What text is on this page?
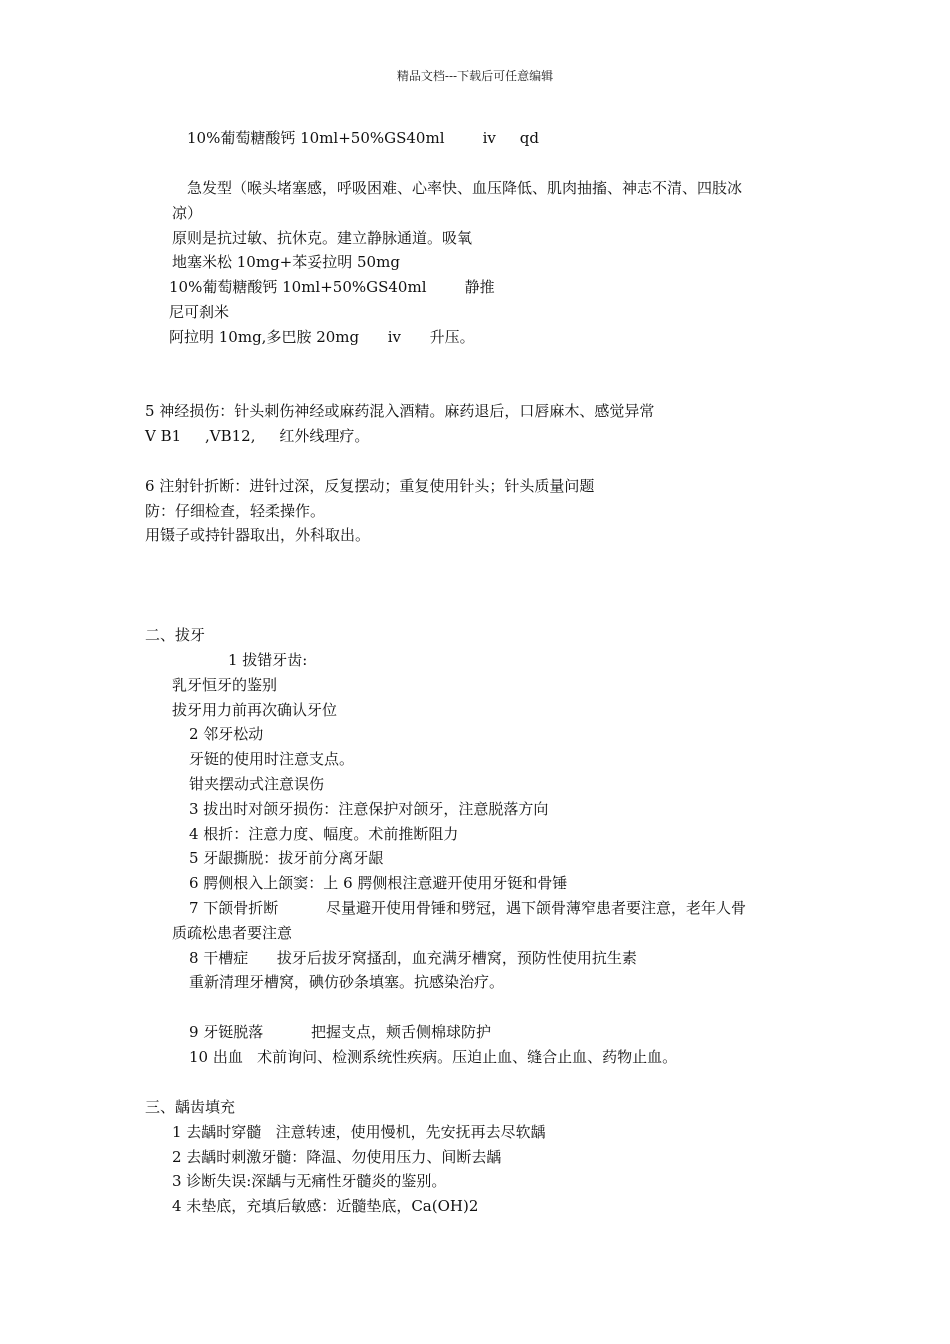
精品文档---下载后可任意编辑
10%葡萄糖酸钙 10ml+50%GS40ml        iv     qd
急发型（喉头堵塞感，呼吸困难、心率快、血压降低、肌肉抽搐、神志不清、四肢冰
凉）
原则是抗过敏、抗休克。建立静脉通道。吸氧
地塞米松 10mg+苯妥拉明 50mg
10%葡萄糖酸钙 10ml+50%GS40ml        静推
尼可刹米
阿拉明 10mg,多巴胺 20mg      iv      升压。
5 神经损伤：针头刺伤神经或麻药混入酒精。麻药退后，口唇麻木、感觉异常
V B1     ,VB12,     红外线理疗。
6 注射针折断：进针过深，反复摆动；重复使用针头；针头质量问题
防：仔细检查，轻柔操作。
用镊子或持针器取出，外科取出。
二、拔牙
1 拔错牙齿:
乳牙恒牙的鉴别
拔牙用力前再次确认牙位
2 邻牙松动
牙铤的使用时注意支点。
钳夹摆动式注意误伤
3 拔出时对颌牙损伤：注意保护对颌牙，注意脱落方向
4 根折：注意力度、幅度。术前推断阻力
5 牙龈撕脱：拔牙前分离牙龈
6 腭侧根入上颌窦：上 6 腭侧根注意避开使用牙铤和骨锤
7 下颌骨折断          尽量避开使用骨锤和劈冠，遇下颌骨薄窄患者要注意，老年人骨
质疏松患者要注意
8 干槽症      拔牙后拔牙窝搔刮，血充满牙槽窝，预防性使用抗生素
重新清理牙槽窝，碘仿砂条填塞。抗感染治疗。
9 牙铤脱落          把握支点，颊舌侧棉球防护
10 出血   术前询问、检测系统性疾病。压迫止血、缝合止血、药物止血。
三、龋齿填充
1 去龋时穿髓   注意转速，使用慢机，先安抚再去尽软龋
2 去龋时刺激牙髓：降温、勿使用压力、间断去龋
3 诊断失误:深龋与无痛性牙髓炎的鉴别。
4 未垫底，充填后敏感：近髓垫底，Ca(OH)2
